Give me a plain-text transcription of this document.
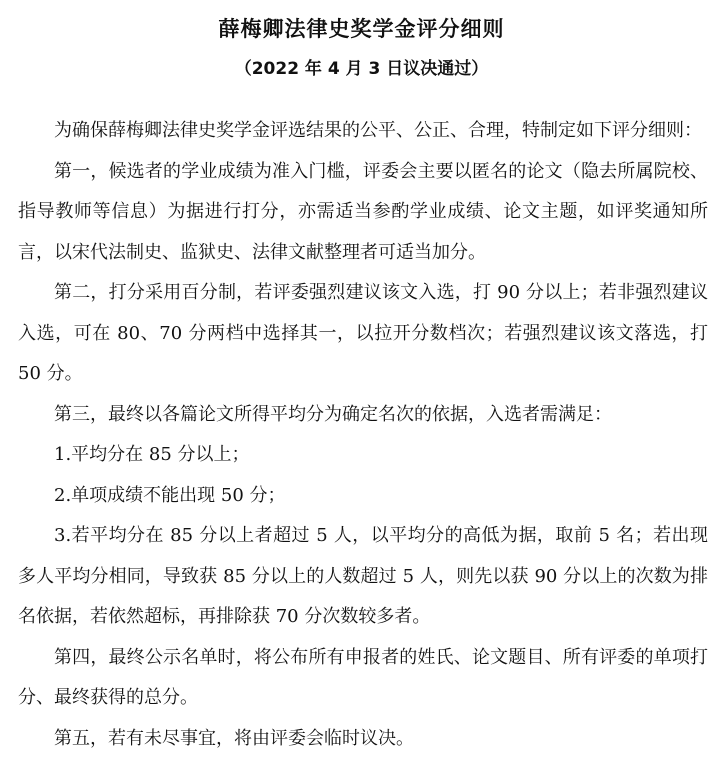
薛梅卿法律史奖学金评分细则
（2022 年 4 月 3 日议决通过）

为确保薛梅卿法律史奖学金评选结果的公平、公正、合理，特制定如下评分细则：

第一，候选者的学业成绩为准入门槛，评委会主要以匿名的论文（隐去所属院校、指导教师等信息）为据进行打分，亦需适当参酌学业成绩、论文主题，如评奖通知所言，以宋代法制史、监狱史、法律文献整理者可适当加分。

第二，打分采用百分制，若评委强烈建议该文入选，打 90 分以上；若非强烈建议入选，可在 80、70 分两档中选择其一，以拉开分数档次；若强烈建议该文落选，打 50 分。

第三，最终以各篇论文所得平均分为确定名次的依据，入选者需满足：

1.平均分在 85 分以上；

2.单项成绩不能出现 50 分；

3.若平均分在 85 分以上者超过 5 人，以平均分的高低为据，取前 5 名；若出现多人平均分相同，导致获 85 分以上的人数超过 5 人，则先以获 90 分以上的次数为排名依据，若依然超标，再排除获 70 分次数较多者。

第四，最终公示名单时，将公布所有申报者的姓氏、论文题目、所有评委的单项打分、最终获得的总分。

第五，若有未尽事宜，将由评委会临时议决。
